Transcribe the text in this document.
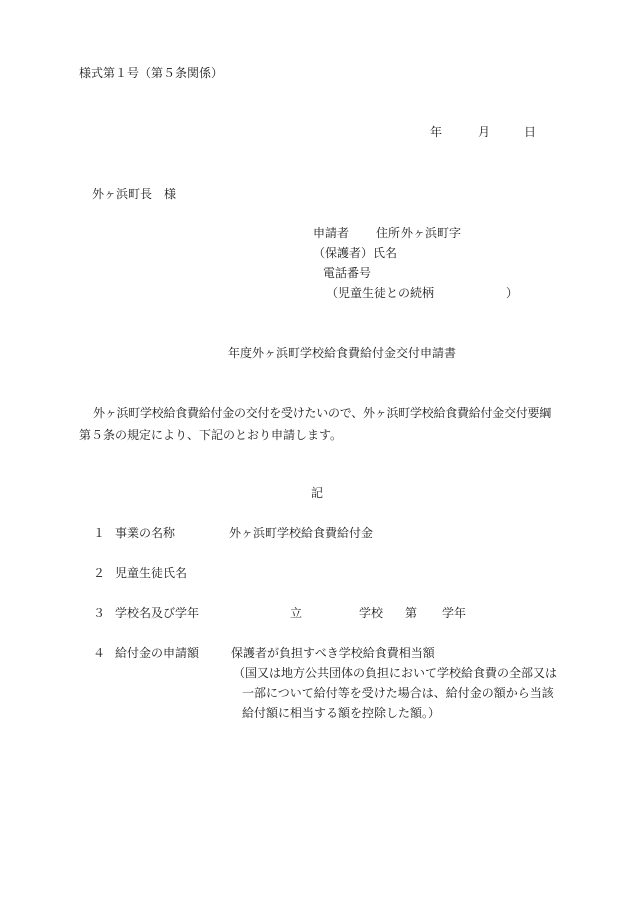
様式第１号（第５条関係）
年	月	日
外ヶ浜町長　様
申請者 住所 外ヶ浜町字
（保護者）氏名
電話番号
（児童生徒との続柄	）
年度外ヶ浜町学校給食費給付金交付申請書
外ヶ浜町学校給食費給付金の交付を受けたいので、外ヶ浜町学校給食費給付金交付要綱
第５条の規定により、下記のとおり申請します。
記
１ 事業の名称	外ヶ浜町学校給食費給付金
２ 児童生徒氏名
３ 学校名及び学年	立	学校 第 学年
４ 給付金の申請額	保護者が負担すべき学校給食費相当額
（国又は地方公共団体の負担において学校給食費の全部又は
一部について給付等を受けた場合は、給付金の額から当該
給付額に相当する額を控除した額。）
